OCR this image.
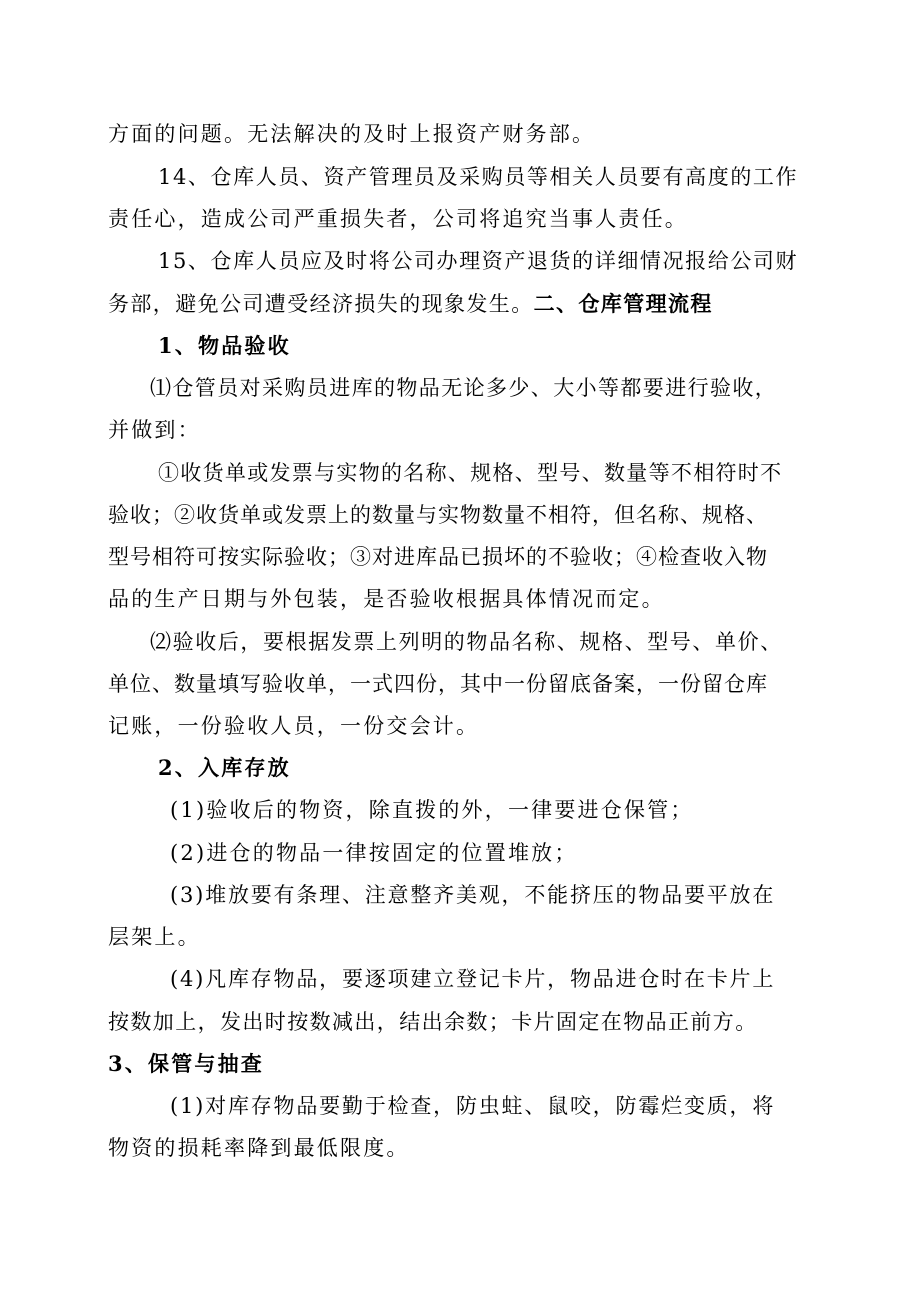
方面的问题。无法解决的及时上报资产财务部。
14、仓库人员、资产管理员及采购员等相关人员要有高度的工作
责任心，造成公司严重损失者，公司将追究当事人责任。
15、仓库人员应及时将公司办理资产退货的详细情况报给公司财
务部，避免公司遭受经济损失的现象发生。二、仓库管理流程
1、物品验收
⑴仓管员对采购员进库的物品无论多少、大小等都要进行验收，
并做到：
①收货单或发票与实物的名称、规格、型号、数量等不相符时不
验收；②收货单或发票上的数量与实物数量不相符，但名称、规格、
型号相符可按实际验收；③对进库品已损坏的不验收；④检查收入物
品的生产日期与外包装，是否验收根据具体情况而定。
⑵验收后，要根据发票上列明的物品名称、规格、型号、单价、
单位、数量填写验收单，一式四份，其中一份留底备案，一份留仓库
记账，一份验收人员，一份交会计。
2、入库存放
(1)验收后的物资，除直拨的外，一律要进仓保管；
(2)进仓的物品一律按固定的位置堆放；
(3)堆放要有条理、注意整齐美观，不能挤压的物品要平放在
层架上。
(4)凡库存物品，要逐项建立登记卡片，物品进仓时在卡片上
按数加上，发出时按数减出，结出余数；卡片固定在物品正前方。
3、保管与抽查
(1)对库存物品要勤于检查，防虫蛀、鼠咬，防霉烂变质，将
物资的损耗率降到最低限度。
